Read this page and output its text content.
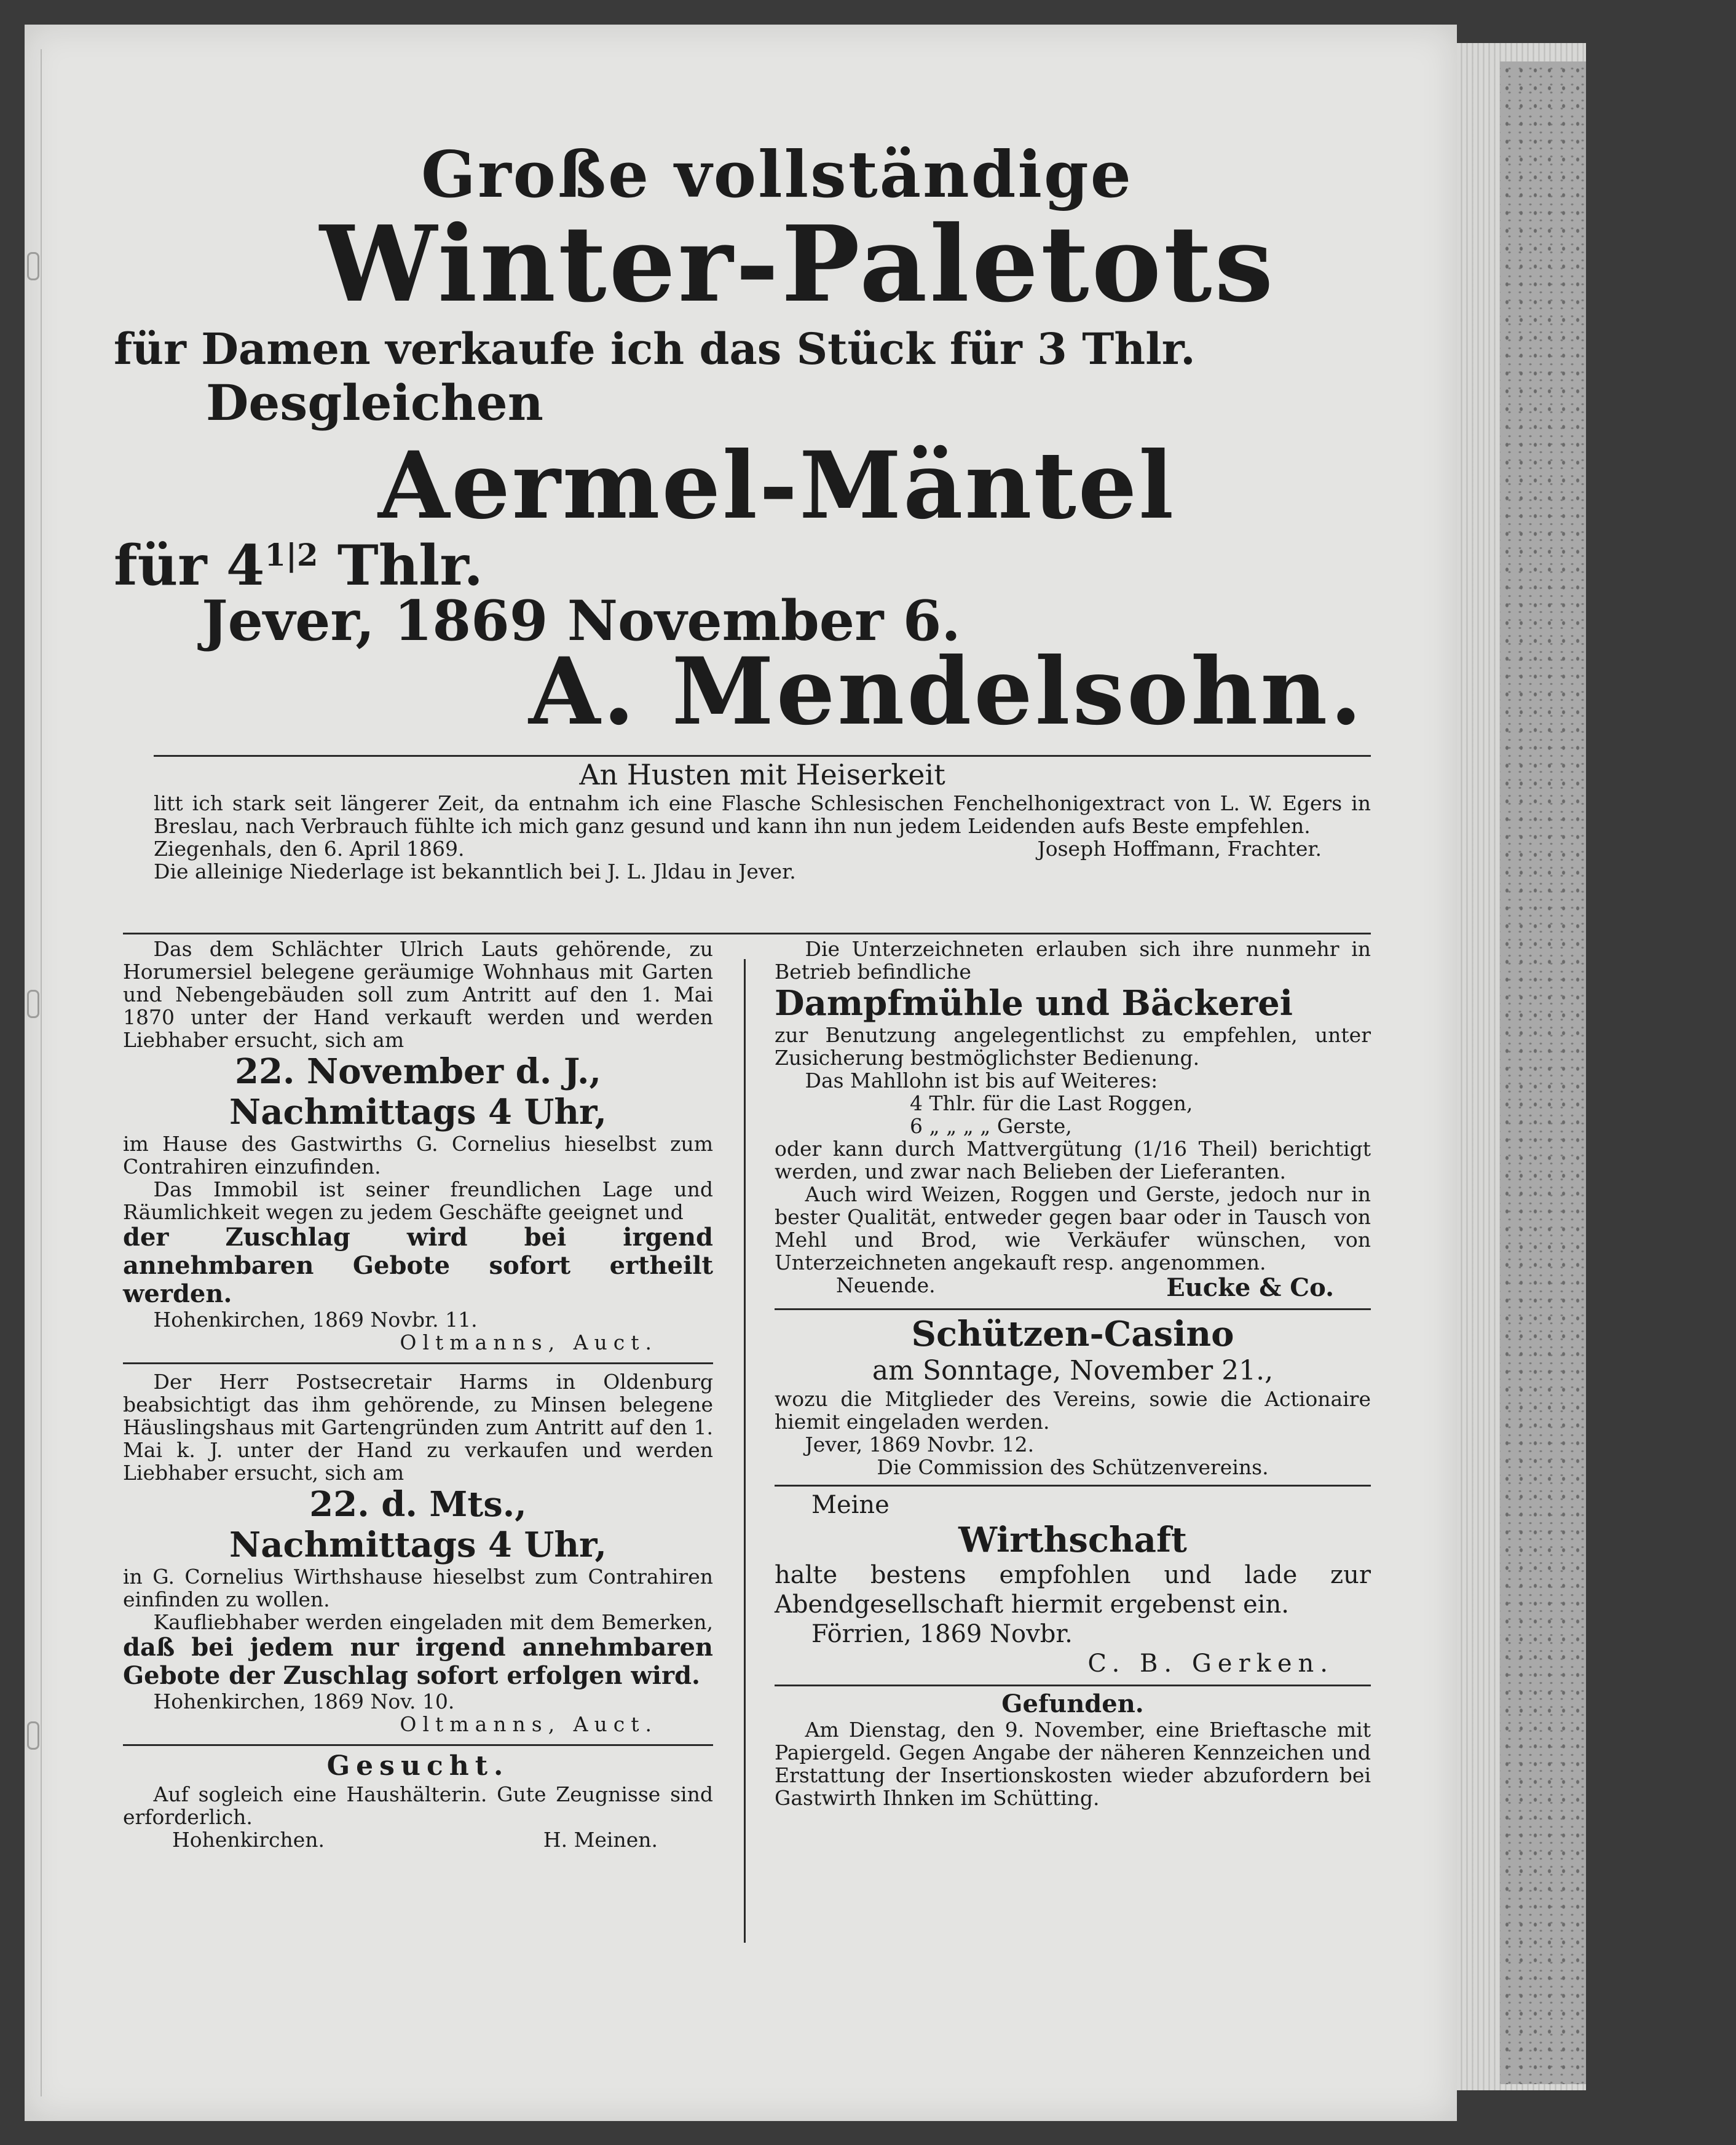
Große vollständige
Winter-Paletots
für Damen verkaufe ich das Stück für 3 Thlr.
Desgleichen
Aermel-Mäntel
für $4^{1|2}$ Thlr.
Jever, 1869 November 6.
A. Mendelsohn.

An Husten mit Heiserkeit

litt ich stark seit längerer Zeit, da entnahm ich eine Flasche Schlesischen Fenchelhonigextract von L. W. Egers in Breslau, nach Verbrauch fühlte ich mich ganz gesund und kann ihn nun jedem Leidenden aufs Beste empfehlen.

Ziegenhals, den 6. April 1869.	Joseph Hoffmann, Frachter.

Die alleinige Niederlage ist bekanntlich bei J. L. Jldau in Jever.

Das dem Schlächter Ulrich Lauts gehörende, zu Horumersiel belegene geräumige Wohnhaus mit Garten und Nebengebäuden soll zum Antritt auf den 1. Mai 1870 unter der Hand verkauft werden und werden Liebhaber ersucht, sich am

22. November d. J.,

Nachmittags 4 Uhr,

im Hause des Gastwirths G. Cornelius hieselbst zum Contrahiren einzufinden.

Das Immobil ist seiner freundlichen Lage und Räumlichkeit wegen zu jedem Geschäfte geeignet und

der Zuschlag wird bei irgend annehmbaren Gebote sofort ertheilt werden.

Hohenkirchen, 1869 Novbr. 11.

Oltmanns, Auct.

Der Herr Postsecretair Harms in Oldenburg beabsichtigt das ihm gehörende, zu Minsen belegene Häuslingshaus mit Gartengründen zum Antritt auf den 1. Mai k. J. unter der Hand zu verkaufen und werden Liebhaber ersucht, sich am

22. d. Mts.,

Nachmittags 4 Uhr,

in G. Cornelius Wirthshause hieselbst zum Contrahiren einfinden zu wollen.

Kaufliebhaber werden eingeladen mit dem Bemerken, daß bei jedem nur irgend annehmbaren Gebote der Zuschlag sofort erfolgen wird.

Hohenkirchen, 1869 Nov. 10.

Oltmanns, Auct.

Gesucht.

Auf sogleich eine Haushälterin. Gute Zeugnisse sind erforderlich.

Hohenkirchen.	H. Meinen.

Die Unterzeichneten erlauben sich ihre nunmehr in Betrieb befindliche

Dampfmühle und Bäckerei

zur Benutzung angelegentlichst zu empfehlen, unter Zusicherung bestmöglichster Bedienung.

Das Mahllohn ist bis auf Weiteres:

4 Thlr. für die Last Roggen,

6 „ „ „ „ Gerste,

oder kann durch Mattvergütung (1/16 Theil) berichtigt werden, und zwar nach Belieben der Lieferanten.

Auch wird Weizen, Roggen und Gerste, jedoch nur in bester Qualität, entweder gegen baar oder in Tausch von Mehl und Brod, wie Verkäufer wünschen, von Unterzeichneten angekauft resp. angenommen.

Neuende.	Eucke & Co.

Schützen-Casino

am Sonntage, November 21.,

wozu die Mitglieder des Vereins, sowie die Actionaire hiemit eingeladen werden.

Jever, 1869 Novbr. 12.

Die Commission des Schützenvereins.

Meine

Wirthschaft

halte bestens empfohlen und lade zur Abendgesellschaft hiermit ergebenst ein.

Förrien, 1869 Novbr.

C. B. Gerken.

Gefunden.

Am Dienstag, den 9. November, eine Brieftasche mit Papiergeld. Gegen Angabe der näheren Kennzeichen und Erstattung der Insertionskosten wieder abzufordern bei Gastwirth Ihnken im Schütting.
